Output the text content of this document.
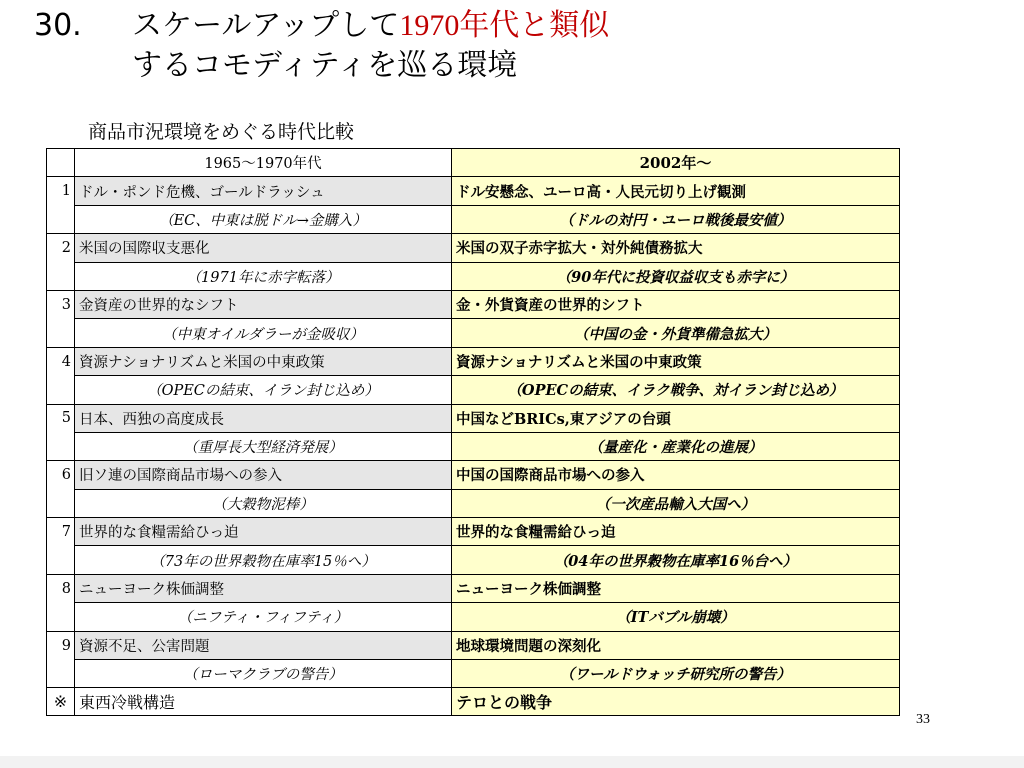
30. スケールアップして1970年代と類似
するコモディティを巡る環境
商品市況環境をめぐる時代比較
	1965～1970年代	2002年～
1	ドル・ポンド危機、ゴールドラッシュ	ドル安懸念、ユーロ高・人民元切り上げ観測
	（EC、中東は脱ドル→金購入）	（ドルの対円・ユーロ戦後最安値）
2	米国の国際収支悪化	米国の双子赤字拡大・対外純債務拡大
	（1971年に赤字転落）	（90年代に投資収益収支も赤字に）
3	金資産の世界的なシフト	金・外貨資産の世界的シフト
	（中東オイルダラーが金吸収）	（中国の金・外貨準備急拡大）
4	資源ナショナリズムと米国の中東政策	資源ナショナリズムと米国の中東政策
	（OPECの結束、イラン封じ込め）	（OPECの結束、イラク戦争、対イラン封じ込め）
5	日本、西独の高度成長	中国などBRICs,東アジアの台頭
	（重厚長大型経済発展）	（量産化・産業化の進展）
6	旧ソ連の国際商品市場への参入	中国の国際商品市場への参入
	（大穀物泥棒）	（一次産品輸入大国へ）
7	世界的な食糧需給ひっ迫	世界的な食糧需給ひっ迫
	（73年の世界穀物在庫率15％へ）	（04年の世界穀物在庫率16％台へ）
8	ニューヨーク株価調整	ニューヨーク株価調整
	（ニフティ・フィフティ）	（ITバブル崩壊）
9	資源不足、公害問題	地球環境問題の深刻化
	（ローマクラブの警告）	（ワールドウォッチ研究所の警告）
※	東西冷戦構造	テロとの戦争
33
